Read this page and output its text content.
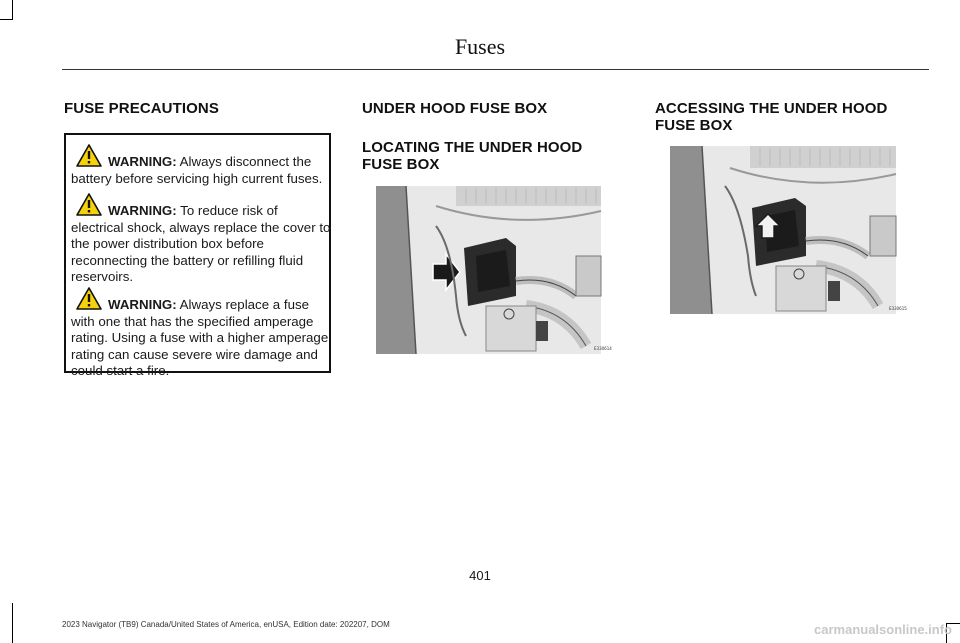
Fuses
FUSE PRECAUTIONS
WARNING: Always disconnect the battery before servicing high current fuses.
WARNING: To reduce risk of electrical shock, always replace the cover to the power distribution box before reconnecting the battery or refilling fluid reservoirs.
WARNING: Always replace a fuse with one that has the specified amperage rating. Using a fuse with a higher amperage rating can cause severe wire damage and could start a fire.
UNDER HOOD FUSE BOX
LOCATING THE UNDER HOOD FUSE BOX
E330614
ACCESSING THE UNDER HOOD FUSE BOX
E330615
401
2023 Navigator (TB9) Canada/United States of America, enUSA, Edition date: 202207, DOM	carmanualsonline.info
